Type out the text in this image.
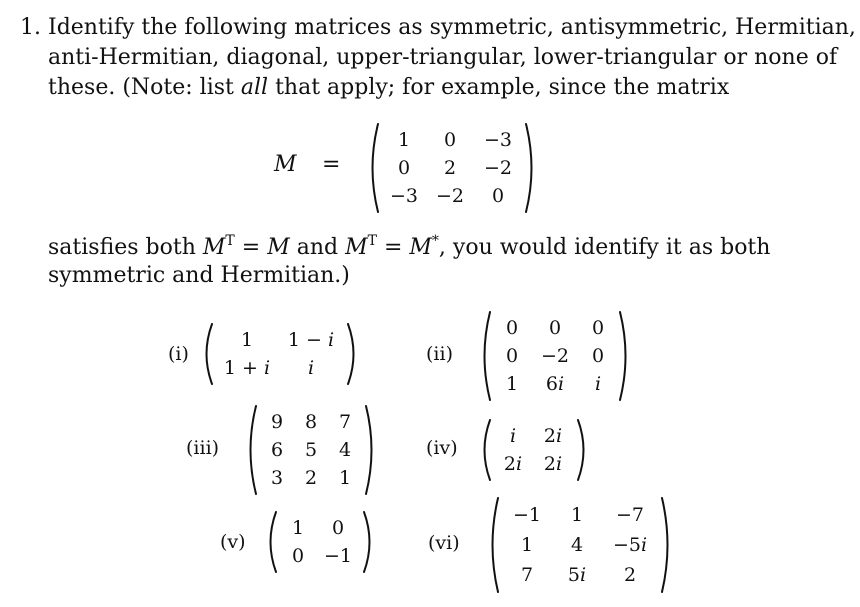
1. Identify the following matrices as symmetric, antisymmetric, Hermitian,
anti-Hermitian, diagonal, upper-triangular, lower-triangular or none of
these. (Note: list all that apply; for example, since the matrix
M =
1	0	−3
0	2	−2
−3 −2	0
satisfies both $M^T = M$ and $M^T = M^*$, you would identify it as both
symmetric and Hermitian.)
(i)
1	1 − i
1 + i	i
(ii)
0	0	0
0	−2	0
1	6i	i
(iii)
9	8	7
6	5	4
3	2	1
(iv)
i	2i
2i	2i
(v)
1	0
0	−1
(vi)
−1	1	−7
1	4	−5i
7	5i	2
